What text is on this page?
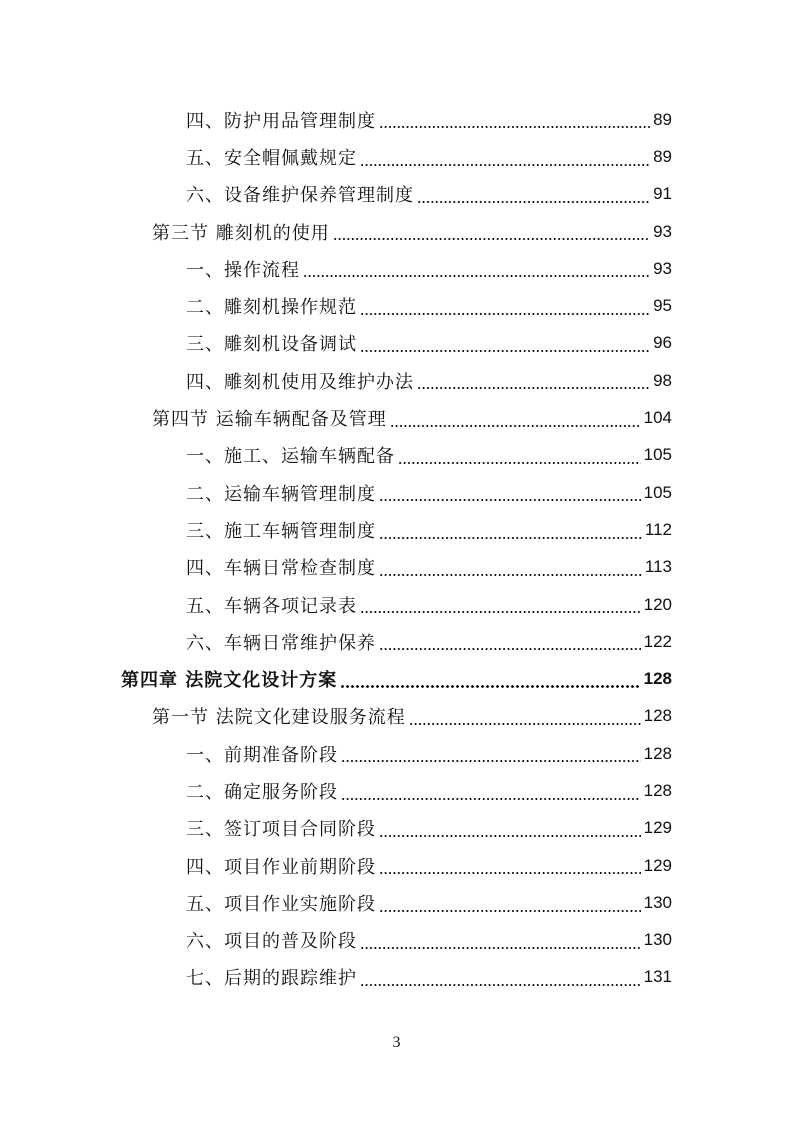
四、防护用品管理制度	89
五、安全帽佩戴规定	89
六、设备维护保养管理制度	91
第三节 雕刻机的使用	93
一、操作流程	93
二、雕刻机操作规范	95
三、雕刻机设备调试	96
四、雕刻机使用及维护办法	98
第四节 运输车辆配备及管理	104
一、施工、运输车辆配备	105
二、运输车辆管理制度	105
三、施工车辆管理制度	112
四、车辆日常检查制度	113
五、车辆各项记录表	120
六、车辆日常维护保养	122
第四章 法院文化设计方案	128
第一节 法院文化建设服务流程	128
一、前期准备阶段	128
二、确定服务阶段	128
三、签订项目合同阶段	129
四、项目作业前期阶段	129
五、项目作业实施阶段	130
六、项目的普及阶段	130
七、后期的跟踪维护	131
3
